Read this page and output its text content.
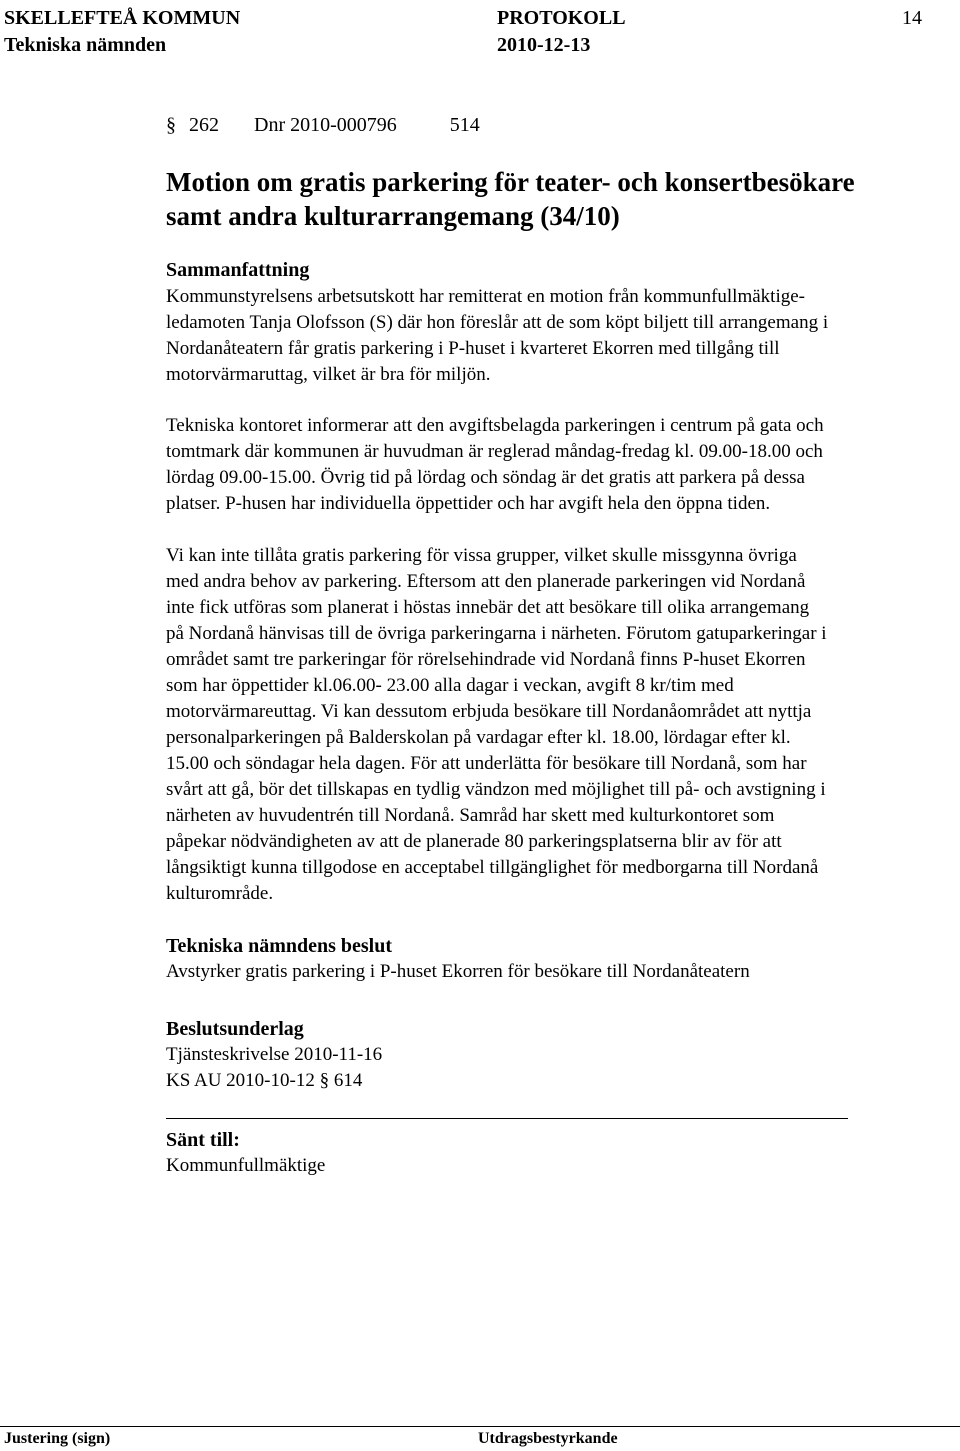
SKELLEFTEÅ KOMMUN	PROTOKOLL	14
Tekniska nämnden	2010-12-13
§ 262 Dnr 2010-000796	514
Motion om gratis parkering för teater- och konsertbesökare
samt andra kulturarrangemang (34/10)
Sammanfattning
Kommunstyrelsens arbetsutskott har remitterat en motion från kommunfullmäktige-
ledamoten Tanja Olofsson (S) där hon föreslår att de som köpt biljett till arrangemang i
Nordanåteatern får gratis parkering i P-huset i kvarteret Ekorren med tillgång till
motorvärmaruttag, vilket är bra för miljön.
Tekniska kontoret informerar att den avgiftsbelagda parkeringen i centrum på gata och
tomtmark där kommunen är huvudman är reglerad måndag-fredag kl. 09.00-18.00 och
lördag 09.00-15.00. Övrig tid på lördag och söndag är det gratis att parkera på dessa
platser. P-husen har individuella öppettider och har avgift hela den öppna tiden.
Vi kan inte tillåta gratis parkering för vissa grupper, vilket skulle missgynna övriga
med andra behov av parkering. Eftersom att den planerade parkeringen vid Nordanå
inte fick utföras som planerat i höstas innebär det att besökare till olika arrangemang
på Nordanå hänvisas till de övriga parkeringarna i närheten. Förutom gatuparkeringar i
området samt tre parkeringar för rörelsehindrade vid Nordanå finns P-huset Ekorren
som har öppettider kl.06.00- 23.00 alla dagar i veckan, avgift 8 kr/tim med
motorvärmareuttag. Vi kan dessutom erbjuda besökare till Nordanåområdet att nyttja
personalparkeringen på Balderskolan på vardagar efter kl. 18.00, lördagar efter kl.
15.00 och söndagar hela dagen. För att underlätta för besökare till Nordanå, som har
svårt att gå, bör det tillskapas en tydlig vändzon med möjlighet till på- och avstigning i
närheten av huvudentrén till Nordanå. Samråd har skett med kulturkontoret som
påpekar nödvändigheten av att de planerade 80 parkeringsplatserna blir av för att
långsiktigt kunna tillgodose en acceptabel tillgänglighet för medborgarna till Nordanå
kulturområde.
Tekniska nämndens beslut
Avstyrker gratis parkering i P-huset Ekorren för besökare till Nordanåteatern
Beslutsunderlag
Tjänsteskrivelse 2010-11-16
KS AU 2010-10-12 § 614
Sänt till:
Kommunfullmäktige
Justering (sign)	Utdragsbestyrkande
